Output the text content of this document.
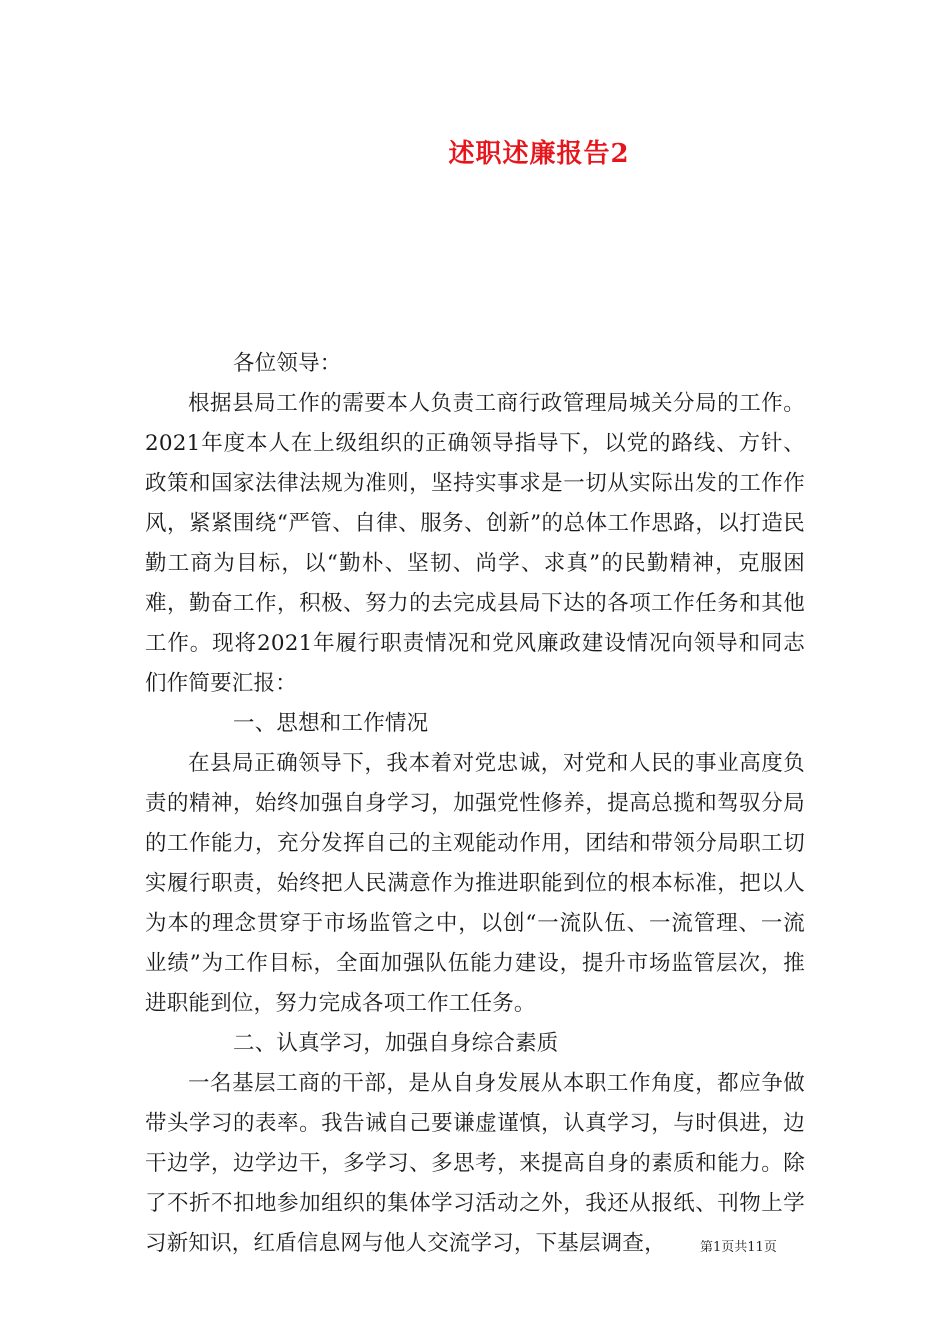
述职述廉报告2

各位领导：

根据县局工作的需要本人负责工商行政管理局城关分局的工作。2021年度本人在上级组织的正确领导指导下，以党的路线、方针、政策和国家法律法规为准则，坚持实事求是一切从实际出发的工作作风，紧紧围绕“严管、自律、服务、创新”的总体工作思路，以打造民勤工商为目标，以“勤朴、坚韧、尚学、求真”的民勤精神，克服困难，勤奋工作，积极、努力的去完成县局下达的各项工作任务和其他工作。现将2021年履行职责情况和党风廉政建设情况向领导和同志们作简要汇报：

一、思想和工作情况

在县局正确领导下，我本着对党忠诚，对党和人民的事业高度负责的精神，始终加强自身学习，加强党性修养，提高总揽和驾驭分局的工作能力，充分发挥自己的主观能动作用，团结和带领分局职工切实履行职责，始终把人民满意作为推进职能到位的根本标准，把以人为本的理念贯穿于市场监管之中，以创“一流队伍、一流管理、一流业绩”为工作目标，全面加强队伍能力建设，提升市场监管层次，推进职能到位，努力完成各项工作工任务。

二、认真学习，加强自身综合素质

一名基层工商的干部，是从自身发展从本职工作角度，都应争做带头学习的表率。我告诫自己要谦虚谨慎，认真学习，与时俱进，边干边学，边学边干，多学习、多思考，来提高自身的素质和能力。除了不折不扣地参加组织的集体学习活动之外，我还从报纸、刊物上学习新知识，红盾信息网与他人交流学习，下基层调查，	第1页共11页
